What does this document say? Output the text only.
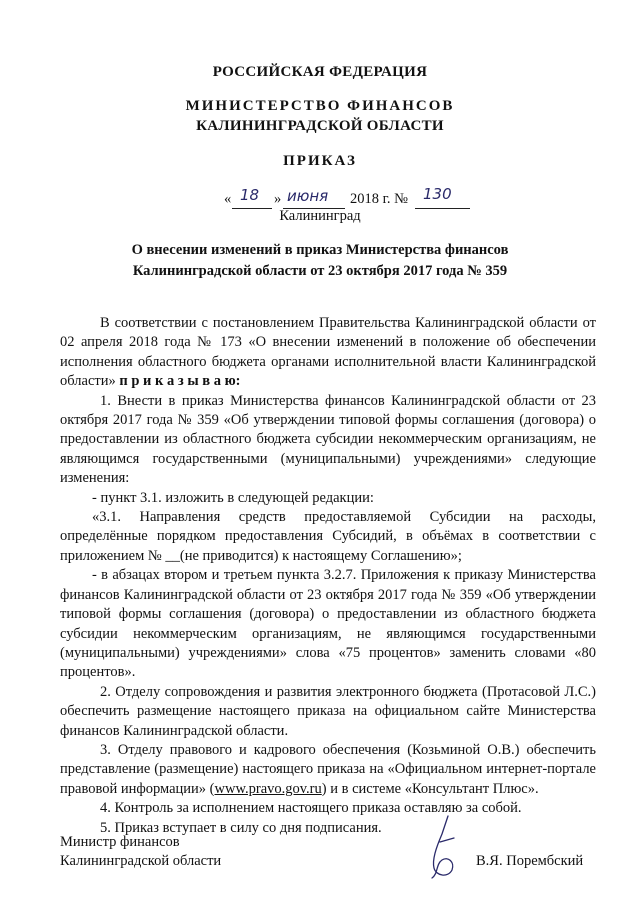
РОССИЙСКАЯ ФЕДЕРАЦИЯ
МИНИСТЕРСТВО ФИНАНСОВ
КАЛИНИНГРАДСКОЙ ОБЛАСТИ
ПРИКАЗ
« 18 » июня 2018 г. № 130
Калининград
О внесении изменений в приказ Министерства финансов
Калининградской области от 23 октября 2017 года № 359

В соответствии с постановлением Правительства Калининградской области от 02 апреля 2018 года № 173 «О внесении изменений в положение об обеспечении исполнения областного бюджета органами исполнительной власти Калининградской области» п р и к а з ы в а ю:

1. Внести в приказ Министерства финансов Калининградской области от 23 октября 2017 года № 359 «Об утверждении типовой формы соглашения (договора) о предоставлении из областного бюджета субсидии некоммерческим организациям, не являющимся государственными (муниципальными) учреждениями» следующие изменения:

- пункт 3.1. изложить в следующей редакции:

«3.1. Направления средств предоставляемой Субсидии на расходы, определённые порядком предоставления Субсидий, в объёмах в соответствии с приложением № __(не приводится) к настоящему Соглашению»;

- в абзацах втором и третьем пункта 3.2.7. Приложения к приказу Министерства финансов Калининградской области от 23 октября 2017 года № 359 «Об утверждении типовой формы соглашения (договора) о предоставлении из областного бюджета субсидии некоммерческим организациям, не являющимся государственными (муниципальными) учреждениями» слова «75 процентов» заменить словами «80 процентов».

2. Отделу сопровождения и развития электронного бюджета (Протасовой Л.С.) обеспечить размещение настоящего приказа на официальном сайте Министерства финансов Калининградской области.

3. Отделу правового и кадрового обеспечения (Козьминой О.В.) обеспечить представление (размещение) настоящего приказа на «Официальном интернет-портале правовой информации» (www.pravo.gov.ru) и в системе «Консультант Плюс».

4. Контроль за исполнением настоящего приказа оставляю за собой.

5. Приказ вступает в силу со дня подписания.

Министр финансов
Калининградской области	В.Я. Порембский
